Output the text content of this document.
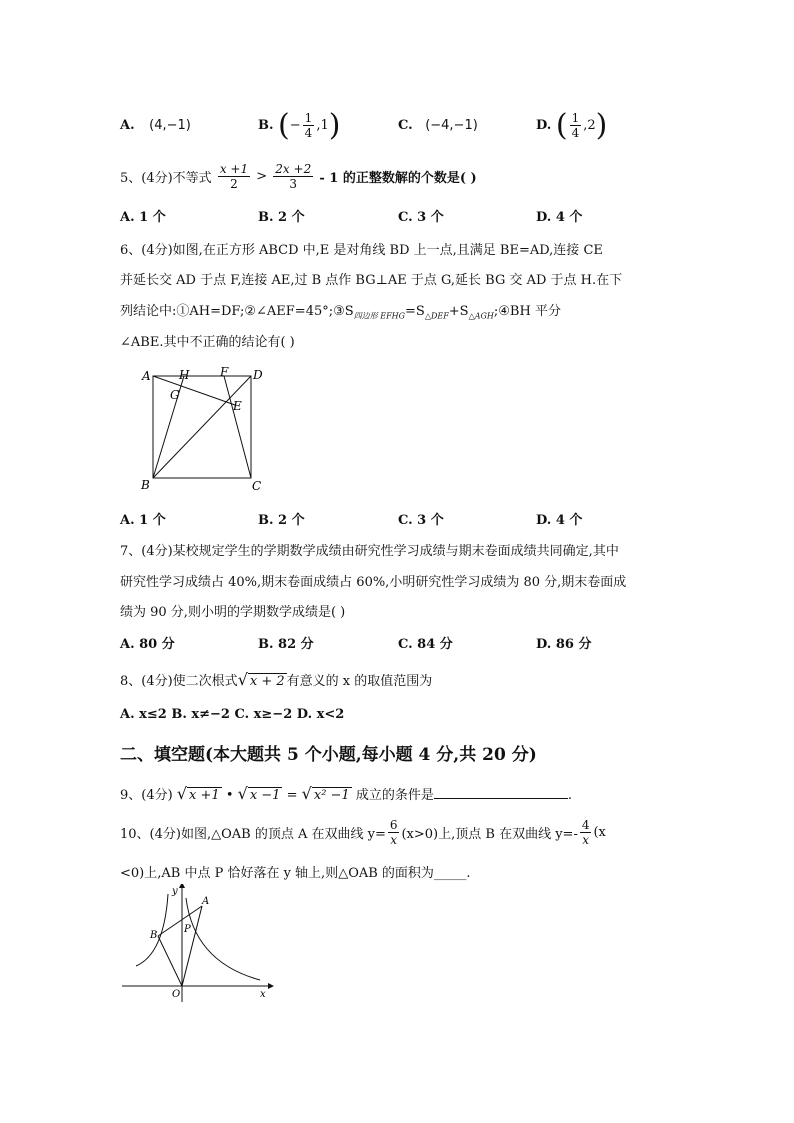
A. (4,−1)	B. (− $\frac{1}{4} ,1$)	C. (−4,−1)	D. ( $\frac{1}{4} ,2$)
5、(4分)不等式 $\frac{x +1}{2} > \frac{2x +2}{3} - 1$ 的正整数解的个数是( )
A. 1 个	B. 2 个	C. 3 个	D. 4 个
6、(4分)如图,在正方形 ABCD 中,E 是对角线 BD 上一点,且满足 BE=AD,连接 CE
并延长交 AD 于点 F,连接 AE,过 B 点作 BG⊥AE 于点 G,延长 BG 交 AD 于点 H.在下
列结论中$:①AH=DF;②\angle AEF=45^\circ;③S_{四边形 EFHG}=S_{\triangle DEF}+S_{\triangle AGH};④BH$ 平分
∠ABE.其中不正确的结论有( )
A H	F D
G
E
B	C
A. 1 个	B. 2 个	C. 3 个	D. 4 个
7、(4分)某校规定学生的学期数学成绩由研究性学习成绩与期末卷面成绩共同确定,其中
研究性学习成绩占 40%,期末卷面成绩占 60%,小明研究性学习成绩为 80 分,期末卷面成
绩为 90 分,则小明的学期数学成绩是( )
A. 80 分	B. 82 分	C. 84 分	D. 86 分
8、(4分)使二次根式√ x + 2 有意义的 x 的取值范围为
A. x≤2 B. x≠−2 C. x≥−2 D. x<2
二、填空题(本大题共 5 个小题,每小题 4 分,共 20 分)
9、(4分) √ x +1 • √ x −1 = √ x² −1 成立的条件是	.
10、(4分)如图,△OAB 的顶点 A 在双曲线 $y= \frac{6}{x} (x>0)$上,顶点 B 在双曲线 $y=- \frac{4}{x} (x$
<0)上,AB 中点 P 恰好落在 y 轴上,则△OAB 的面积为_____.
y
A
P
B
O	x
